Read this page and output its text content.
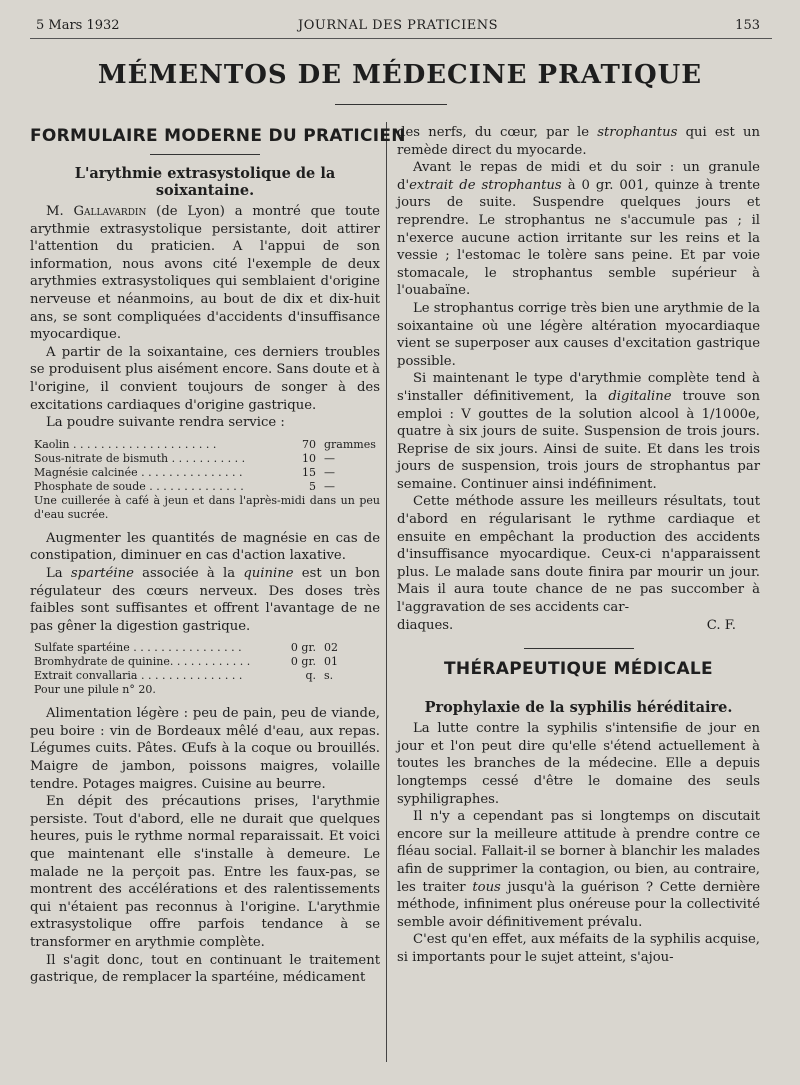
5 Mars 1932	JOURNAL DES PRATICIENS	153
MÉMENTOS DE MÉDECINE PRATIQUE
FORMULAIRE MODERNE DU PRATICIEN
L'arythmie extrasystolique de la soixantaine.

M. Gallavardin (de Lyon) a montré que toute arythmie extrasystolique persistante, doit attirer l'attention du praticien. A l'appui de son information, nous avons cité l'exemple de deux arythmies extrasystoliques qui semblaient d'origine nerveuse et néanmoins, au bout de dix et dix-huit ans, se sont compliquées d'accidents d'insuffisance myocardique.

A partir de la soixantaine, ces derniers troubles se produisent plus aisément encore. Sans doute et à l'origine, il convient toujours de songer à des excitations cardiaques d'origine gastrique.

La poudre suivante rendra service :

Kaolin . . . . . . . . . . . . . . . . . . . . .	70 grammes
Sous-nitrate de bismuth . . . . . . . . . . .	10 —
Magnésie calcinée . . . . . . . . . . . . . . .	15 —
Phosphate de soude . . . . . . . . . . . . . .	5 —
Une cuillerée à café à jeun et dans l'après-midi dans un peu d'eau sucrée.

Augmenter les quantités de magnésie en cas de constipation, diminuer en cas d'action laxative.

La spartéine associée à la quinine est un bon régulateur des cœurs nerveux. Des doses très faibles sont suffisantes et offrent l'avantage de ne pas gêner la digestion gastrique.

Sulfate spartéine . . . . . . . . . . . . . . . .	0 gr. 02
Bromhydrate de quinine. . . . . . . . . . . .	0 gr. 01
Extrait convallaria . . . . . . . . . . . . . . .	q. s.
Pour une pilule n° 20.

Alimentation légère : peu de pain, peu de viande, peu boire : vin de Bordeaux mêlé d'eau, aux repas. Légumes cuits. Pâtes. Œufs à la coque ou brouillés. Maigre de jambon, poissons maigres, volaille tendre. Potages maigres. Cuisine au beurre.

En dépit des précautions prises, l'arythmie persiste. Tout d'abord, elle ne durait que quelques heures, puis le rythme normal reparaissait. Et voici que maintenant elle s'installe à demeure. Le malade ne la perçoit pas. Entre les faux-pas, se montrent des accélérations et des ralentissements qui n'étaient pas reconnus à l'origine. L'arythmie extrasystolique offre parfois tendance à se transformer en arythmie complète.

Il s'agit donc, tout en continuant le traitement gastrique, de remplacer la spartéine, médicament

des nerfs, du cœur, par le strophantus qui est un remède direct du myocarde.

Avant le repas de midi et du soir : un granule d'extrait de strophantus à 0 gr. 001, quinze à trente jours de suite. Suspendre quelques jours et reprendre. Le strophantus ne s'accumule pas ; il n'exerce aucune action irritante sur les reins et la vessie ; l'estomac le tolère sans peine. Et par voie stomacale, le strophantus semble supérieur à l'ouabaïne.

Le strophantus corrige très bien une arythmie de la soixantaine où une légère altération myocardiaque vient se superposer aux causes d'excitation gastrique possible.

Si maintenant le type d'arythmie complète tend à s'installer définitivement, la digitaline trouve son emploi : V gouttes de la solution alcool à 1/1000e, quatre à six jours de suite. Suspension de trois jours. Reprise de six jours. Ainsi de suite. Et dans les trois jours de suspension, trois jours de strophantus par semaine. Continuer ainsi indéfiniment.

Cette méthode assure les meilleurs résultats, tout d'abord en régularisant le rythme cardiaque et ensuite en empêchant la production des accidents d'insuffisance myocardique. Ceux-ci n'apparaissent plus. Le malade sans doute finira par mourir un jour. Mais il aura toute chance de ne pas succomber à l'aggravation de ses accidents car-

diaques.	C. F.
THÉRAPEUTIQUE MÉDICALE
Prophylaxie de la syphilis héréditaire.

La lutte contre la syphilis s'intensifie de jour en jour et l'on peut dire qu'elle s'étend actuellement à toutes les branches de la médecine. Elle a depuis longtemps cessé d'être le domaine des seuls syphiligraphes.

Il n'y a cependant pas si longtemps on discutait encore sur la meilleure attitude à prendre contre ce fléau social. Fallait-il se borner à blanchir les malades afin de supprimer la contagion, ou bien, au contraire, les traiter tous jusqu'à la guérison ? Cette dernière méthode, infiniment plus onéreuse pour la collectivité semble avoir définitivement prévalu.

C'est qu'en effet, aux méfaits de la syphilis acquise, si importants pour le sujet atteint, s'ajou-
